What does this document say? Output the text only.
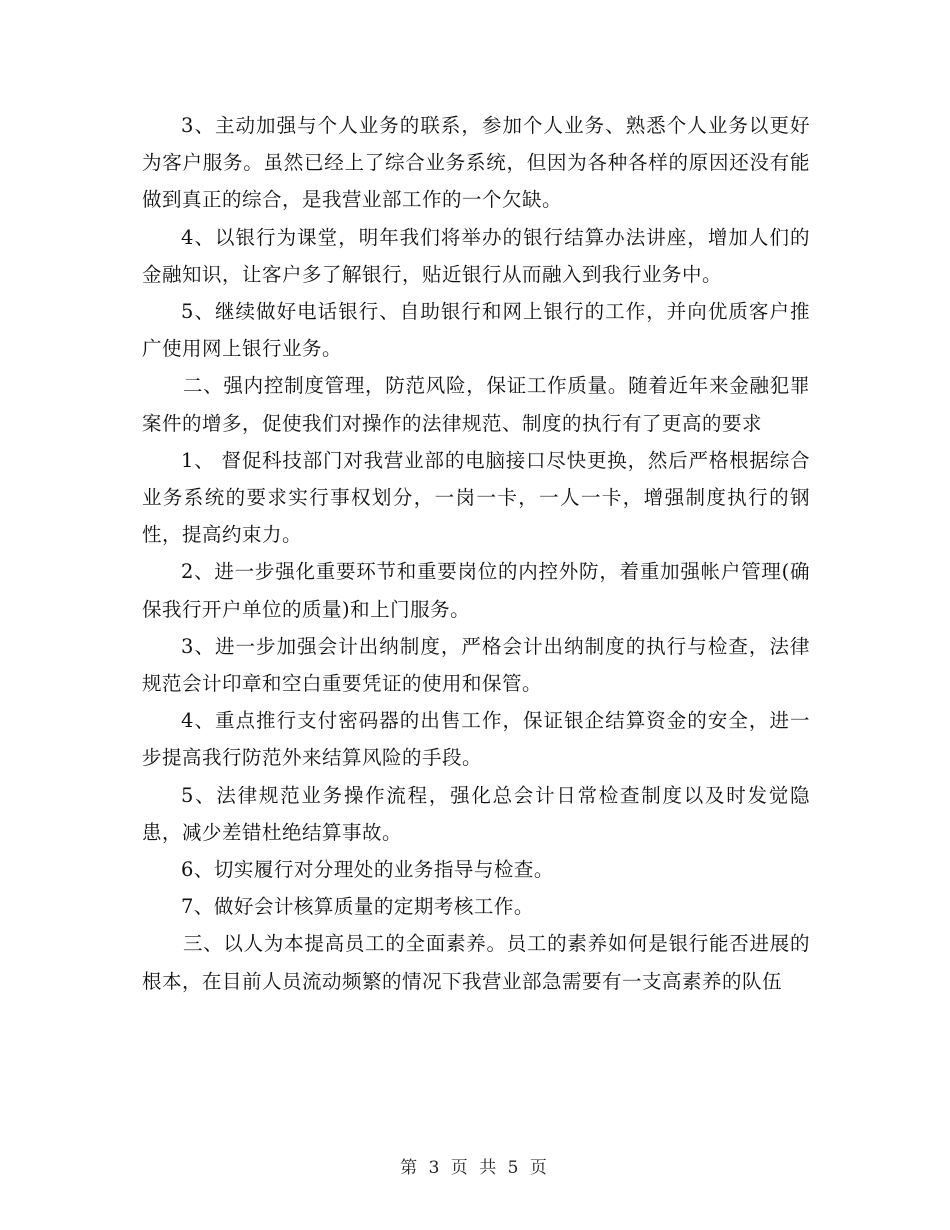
3、主动加强与个人业务的联系，参加个人业务、熟悉个人业务以更好为客户服务。虽然已经上了综合业务系统，但因为各种各样的原因还没有能做到真正的综合，是我营业部工作的一个欠缺。

4、以银行为课堂，明年我们将举办的银行结算办法讲座，增加人们的金融知识，让客户多了解银行，贴近银行从而融入到我行业务中。

5、继续做好电话银行、自助银行和网上银行的工作，并向优质客户推广使用网上银行业务。

二、强内控制度管理，防范风险，保证工作质量。随着近年来金融犯罪案件的增多，促使我们对操作的法律规范、制度的执行有了更高的要求

1、 督促科技部门对我营业部的电脑接口尽快更换，然后严格根据综合业务系统的要求实行事权划分，一岗一卡，一人一卡，增强制度执行的钢性，提高约束力。

2、进一步强化重要环节和重要岗位的内控外防，着重加强帐户管理(确保我行开户单位的质量)和上门服务。

3、进一步加强会计出纳制度，严格会计出纳制度的执行与检查，法律规范会计印章和空白重要凭证的使用和保管。

4、重点推行支付密码器的出售工作，保证银企结算资金的安全，进一步提高我行防范外来结算风险的手段。

5、法律规范业务操作流程，强化总会计日常检查制度以及时发觉隐患，减少差错杜绝结算事故。

6、切实履行对分理处的业务指导与检查。

7、做好会计核算质量的定期考核工作。

三、以人为本提高员工的全面素养。员工的素养如何是银行能否进展的根本，在目前人员流动频繁的情况下我营业部急需要有一支高素养的队伍

第 3 页 共 5 页
